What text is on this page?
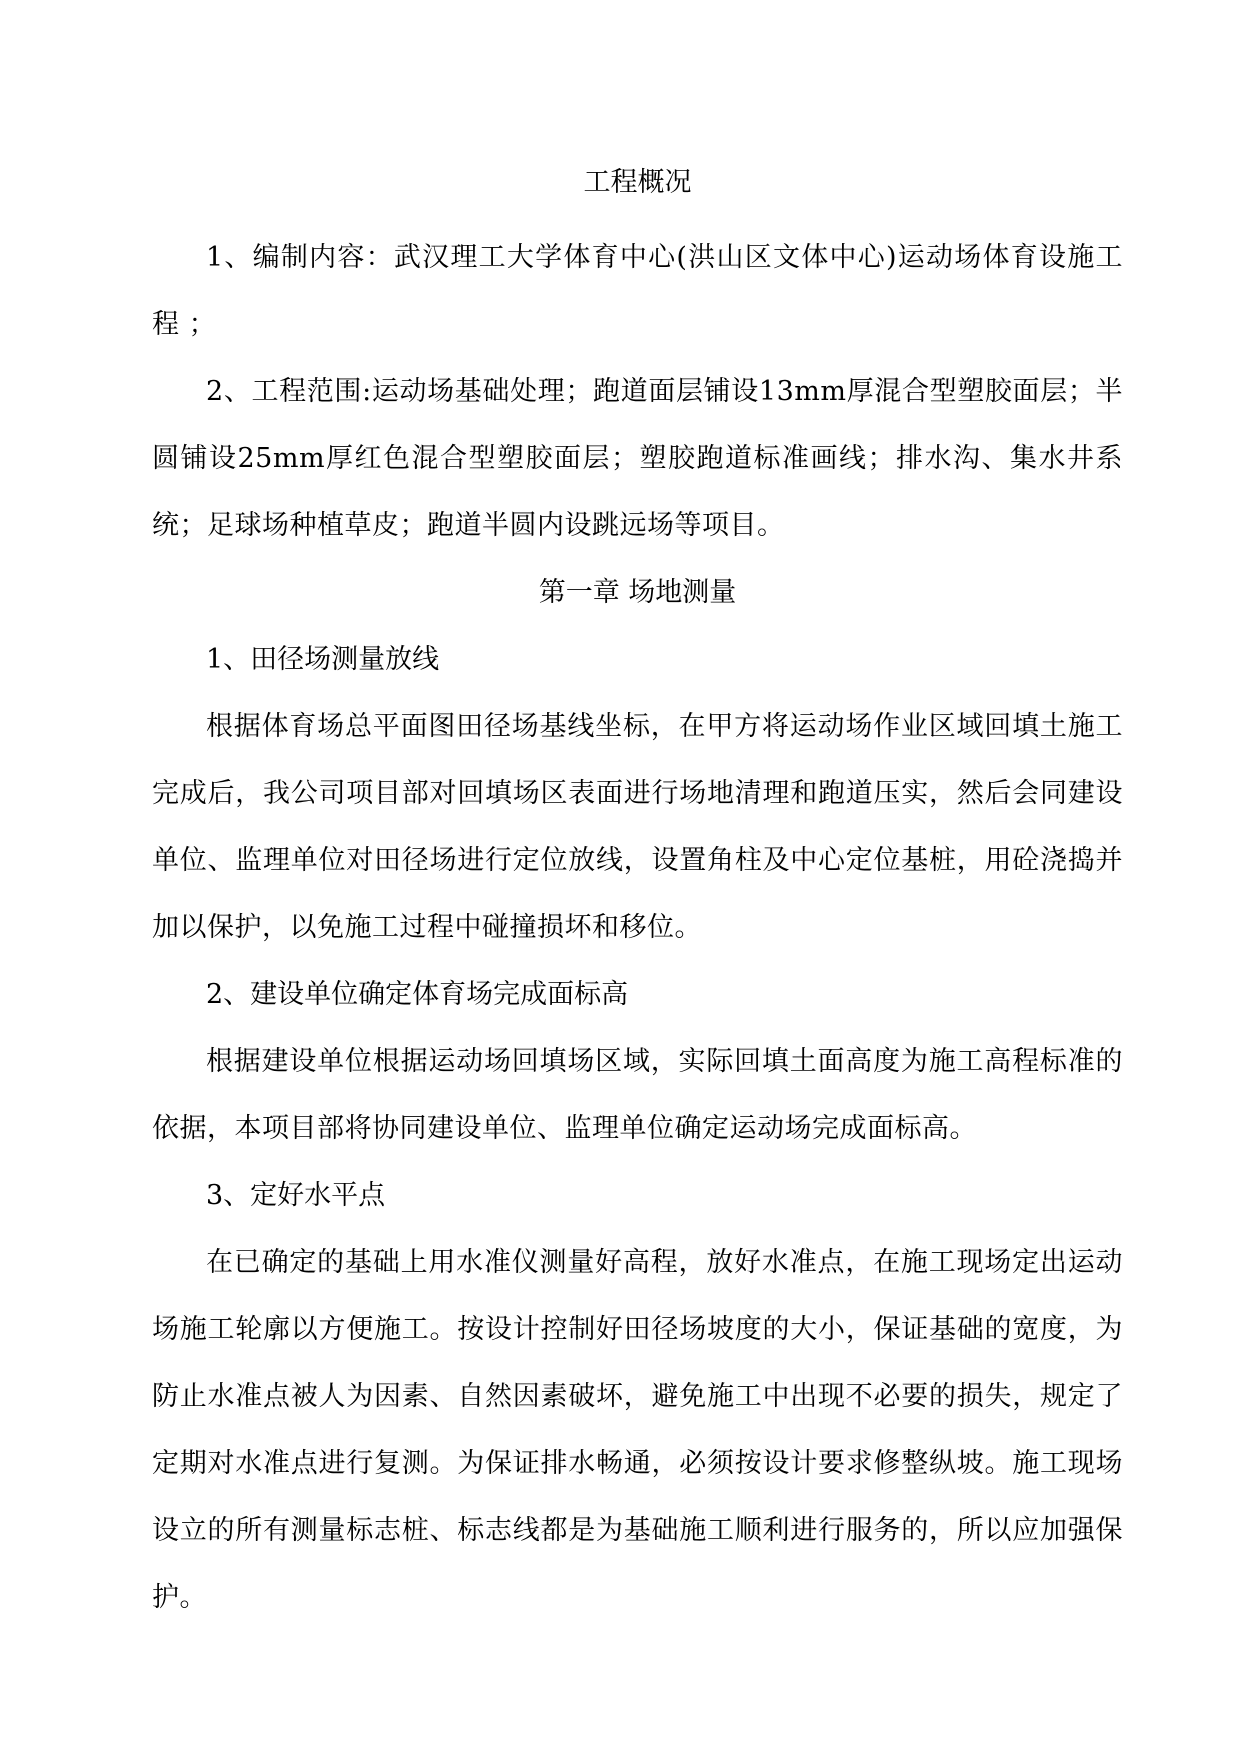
工程概况

1、编制内容：武汉理工大学体育中心(洪山区文体中心)运动场体育设施工程 ；

2、工程范围:运动场基础处理；跑道面层铺设13mm厚混合型塑胶面层；半圆铺设25mm厚红色混合型塑胶面层；塑胶跑道标准画线；排水沟、集水井系统；足球场种植草皮；跑道半圆内设跳远场等项目。

第一章 场地测量

1、田径场测量放线

根据体育场总平面图田径场基线坐标，在甲方将运动场作业区域回填土施工完成后，我公司项目部对回填场区表面进行场地清理和跑道压实，然后会同建设单位、监理单位对田径场进行定位放线，设置角柱及中心定位基桩，用砼浇捣并加以保护，以免施工过程中碰撞损坏和移位。

2、建设单位确定体育场完成面标高

根据建设单位根据运动场回填场区域，实际回填土面高度为施工高程标准的依据，本项目部将协同建设单位、监理单位确定运动场完成面标高。

3、定好水平点

在已确定的基础上用水准仪测量好高程，放好水准点，在施工现场定出运动场施工轮廓以方便施工。按设计控制好田径场坡度的大小，保证基础的宽度，为防止水准点被人为因素、自然因素破坏，避免施工中出现不必要的损失，规定了定期对水准点进行复测。为保证排水畅通，必须按设计要求修整纵坡。施工现场设立的所有测量标志桩、标志线都是为基础施工顺利进行服务的，所以应加强保护。
